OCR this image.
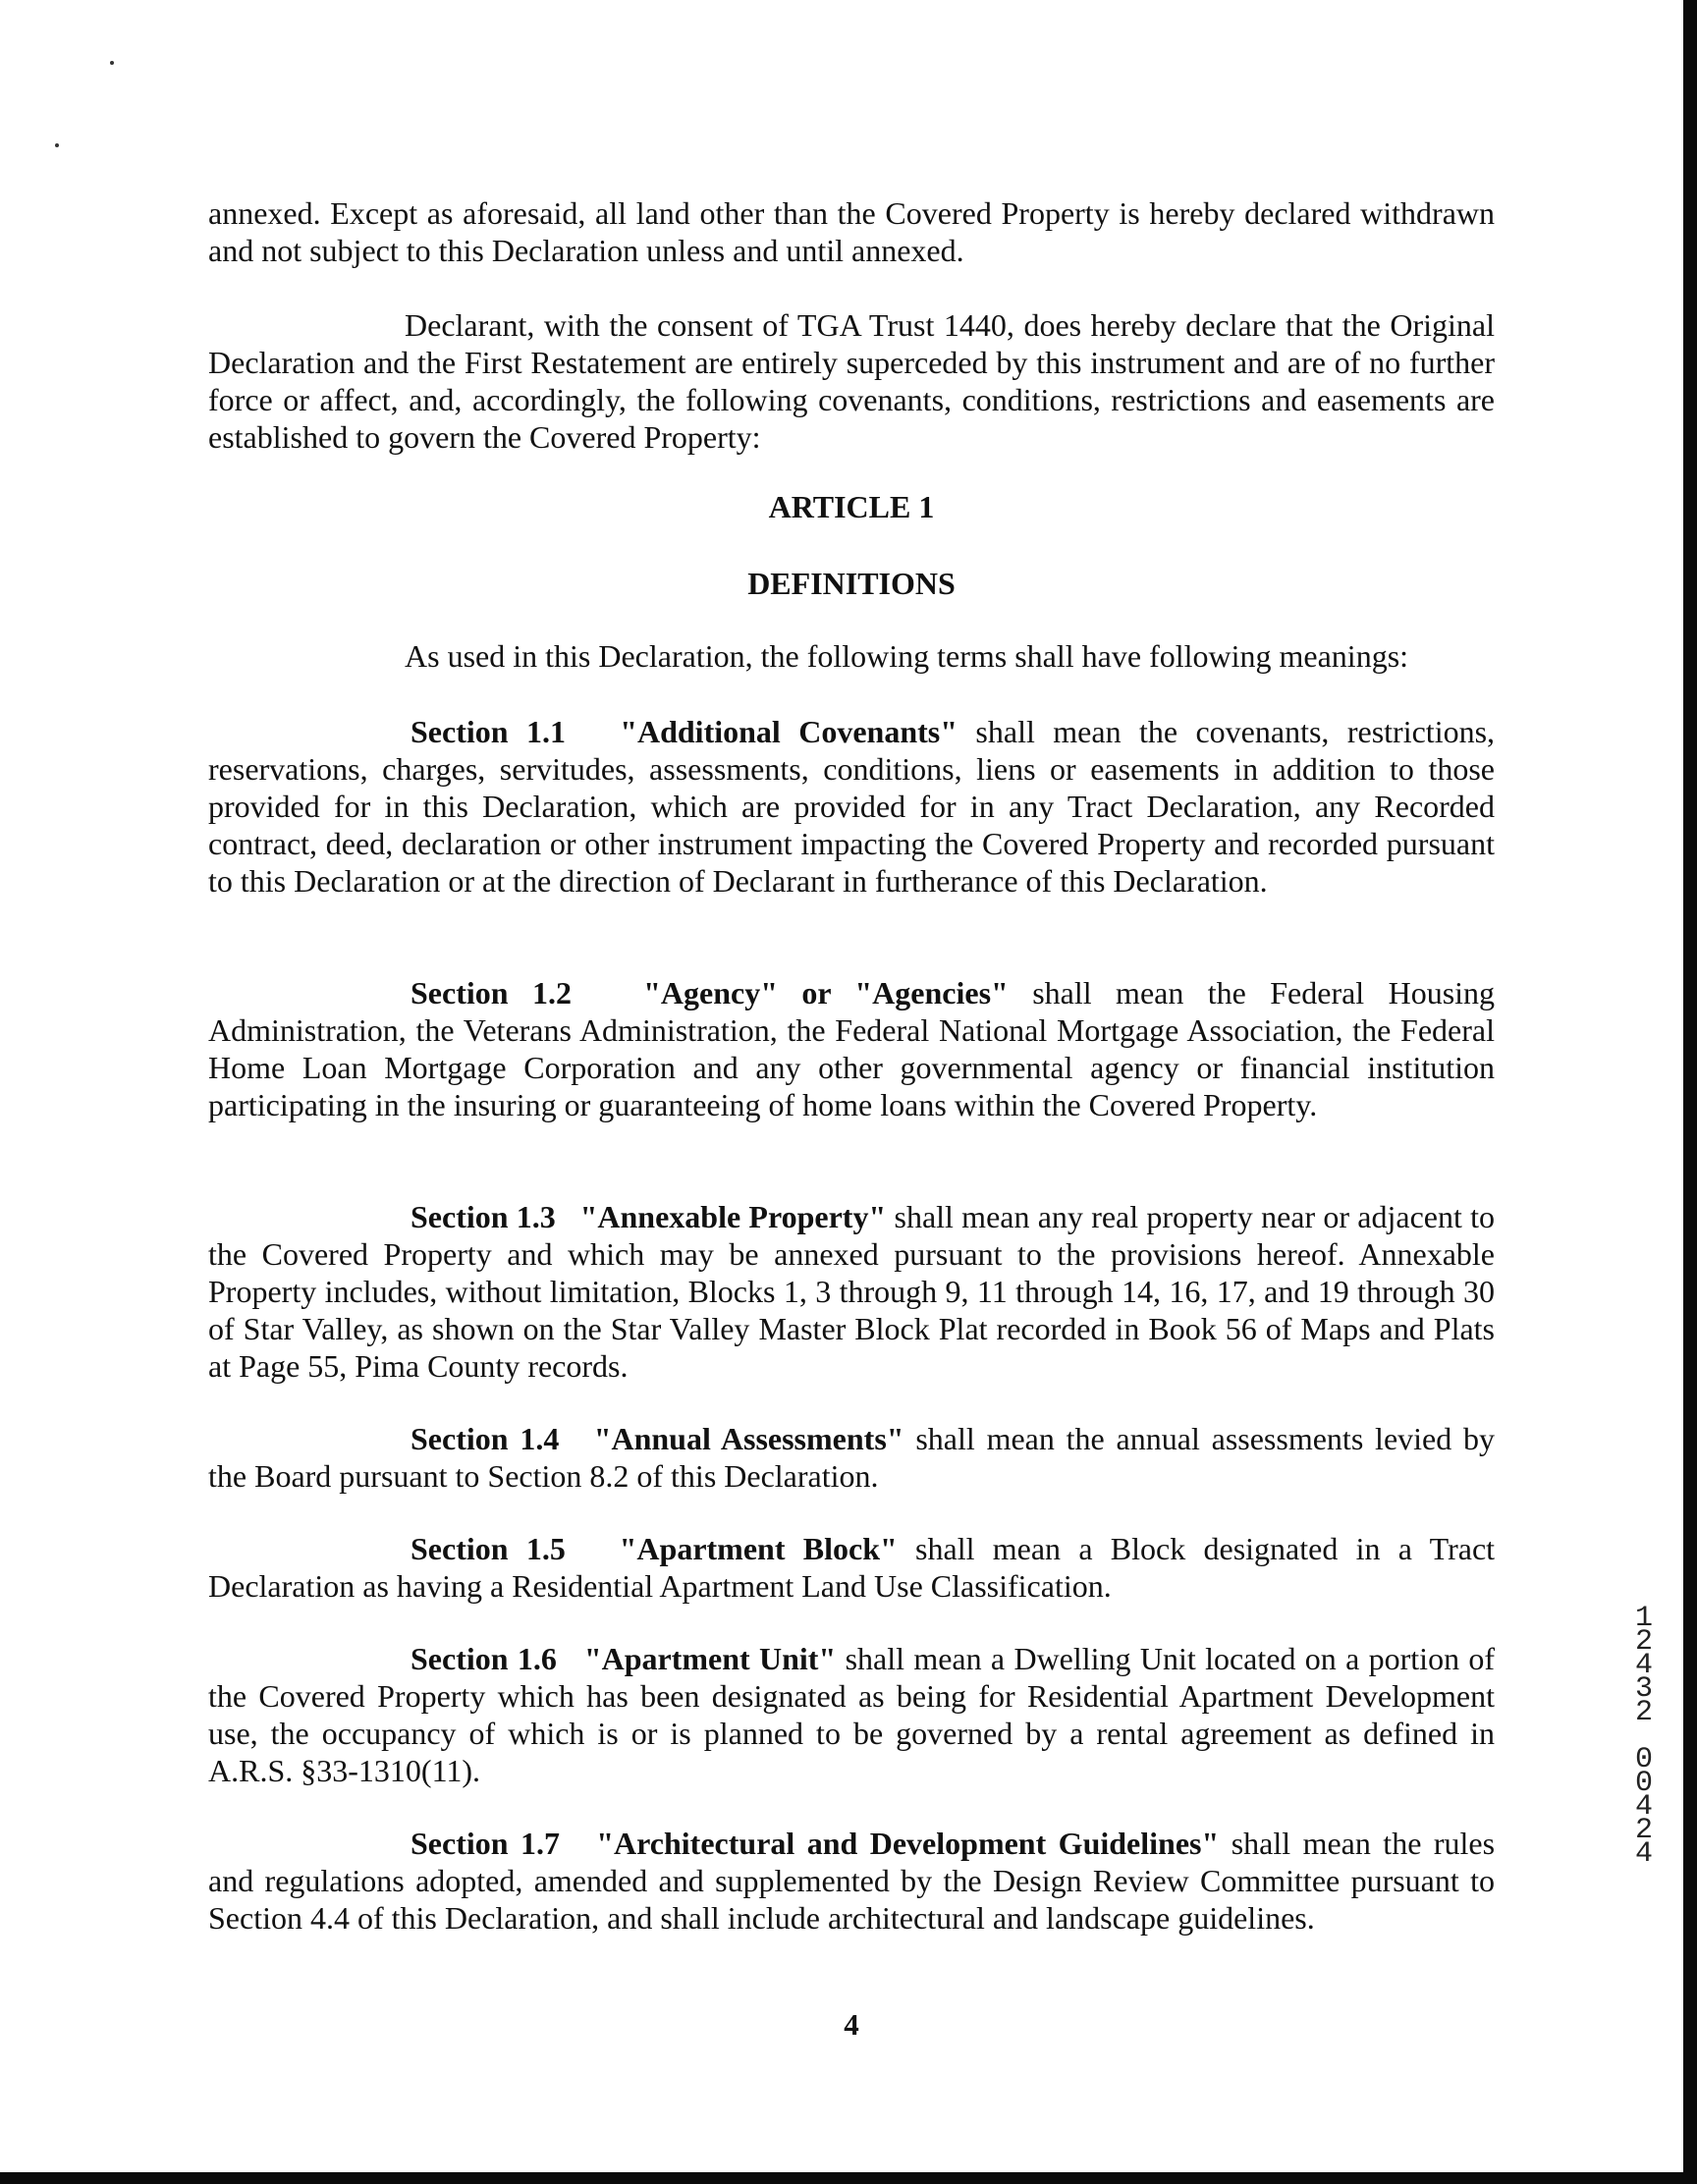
annexed. Except as aforesaid, all land other than the Covered Property is hereby declared withdrawn and not subject to this Declaration unless and until annexed.

Declarant, with the consent of TGA Trust 1440, does hereby declare that the Original Declaration and the First Restatement are entirely superceded by this instrument and are of no further force or affect, and, accordingly, the following covenants, conditions, restrictions and easements are established to govern the Covered Property:

ARTICLE 1
DEFINITIONS

As used in this Declaration, the following terms shall have following meanings:

Section 1.1 "Additional Covenants" shall mean the covenants, restrictions, reservations, charges, servitudes, assessments, conditions, liens or easements in addition to those provided for in this Declaration, which are provided for in any Tract Declaration, any Recorded contract, deed, declaration or other instrument impacting the Covered Property and recorded pursuant to this Declaration or at the direction of Declarant in furtherance of this Declaration.

Section 1.2 "Agency" or "Agencies" shall mean the Federal Housing Administration, the Veterans Administration, the Federal National Mortgage Association, the Federal Home Loan Mortgage Corporation and any other governmental agency or financial institution participating in the insuring or guaranteeing of home loans within the Covered Property.

Section 1.3 "Annexable Property" shall mean any real property near or adjacent to the Covered Property and which may be annexed pursuant to the provisions hereof. Annexable Property includes, without limitation, Blocks 1, 3 through 9, 11 through 14, 16, 17, and 19 through 30 of Star Valley, as shown on the Star Valley Master Block Plat recorded in Book 56 of Maps and Plats at Page 55, Pima County records.

Section 1.4 "Annual Assessments" shall mean the annual assessments levied by the Board pursuant to Section 8.2 of this Declaration.

Section 1.5 "Apartment Block" shall mean a Block designated in a Tract Declaration as having a Residential Apartment Land Use Classification.

Section 1.6 "Apartment Unit" shall mean a Dwelling Unit located on a portion of the Covered Property which has been designated as being for Residential Apartment Development use, the occupancy of which is or is planned to be governed by a rental agreement as defined in A.R.S. §33-1310(11).

Section 1.7 "Architectural and Development Guidelines" shall mean the rules and regulations adopted, amended and supplemented by the Design Review Committee pursuant to Section 4.4 of this Declaration, and shall include architectural and landscape guidelines.

4
1
2
4
3
2

0
0
4
2
4
